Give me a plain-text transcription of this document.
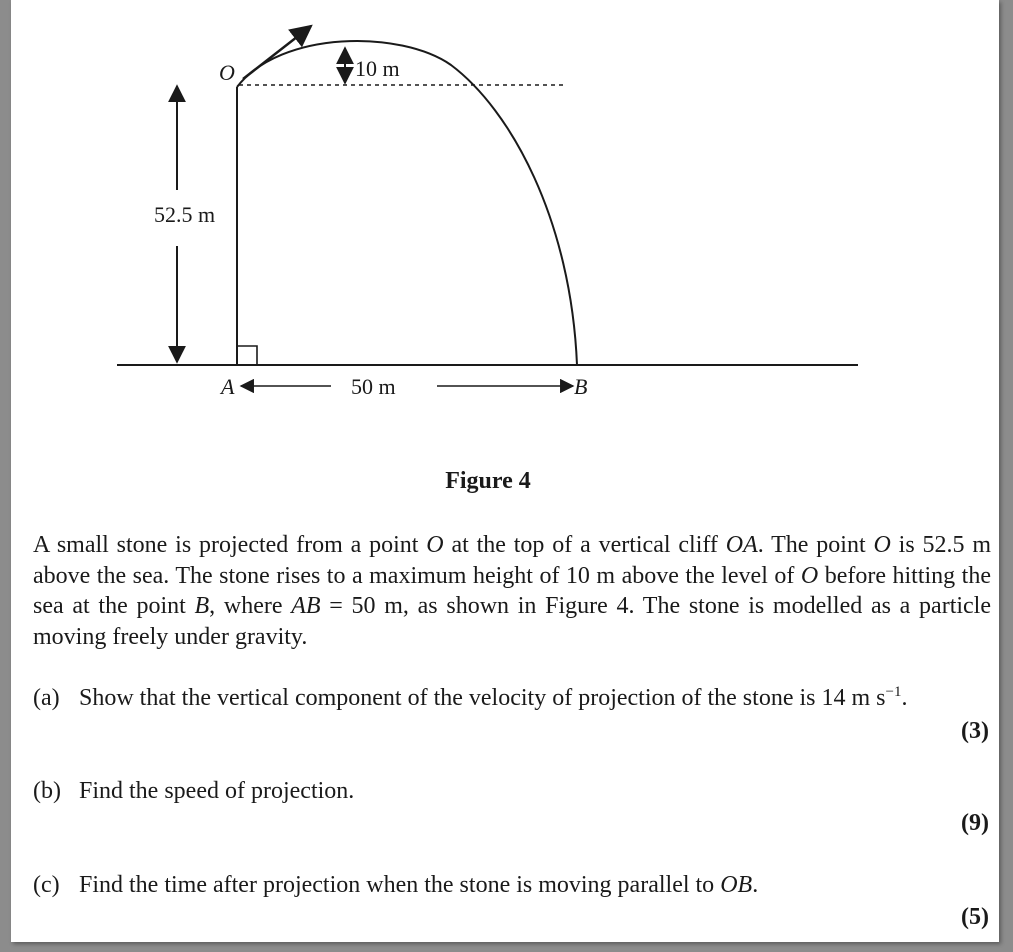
52.5 m
10 m
50 m
O
A	B
Figure 4
A small stone is projected from a point O at the top of a vertical cliff OA. The point O is 52.5 m above the sea. The stone rises to a maximum height of 10 m above the level of O before hitting the sea at the point B, where AB = 50 m, as shown in Figure 4. The stone is modelled as a particle moving freely under gravity.
(a) Show that the vertical component of the velocity of projection of the stone is 14 m $s^{-1}$.
(3)
(b) Find the speed of projection.
(9)
(c) Find the time after projection when the stone is moving parallel to OB.
(5)
